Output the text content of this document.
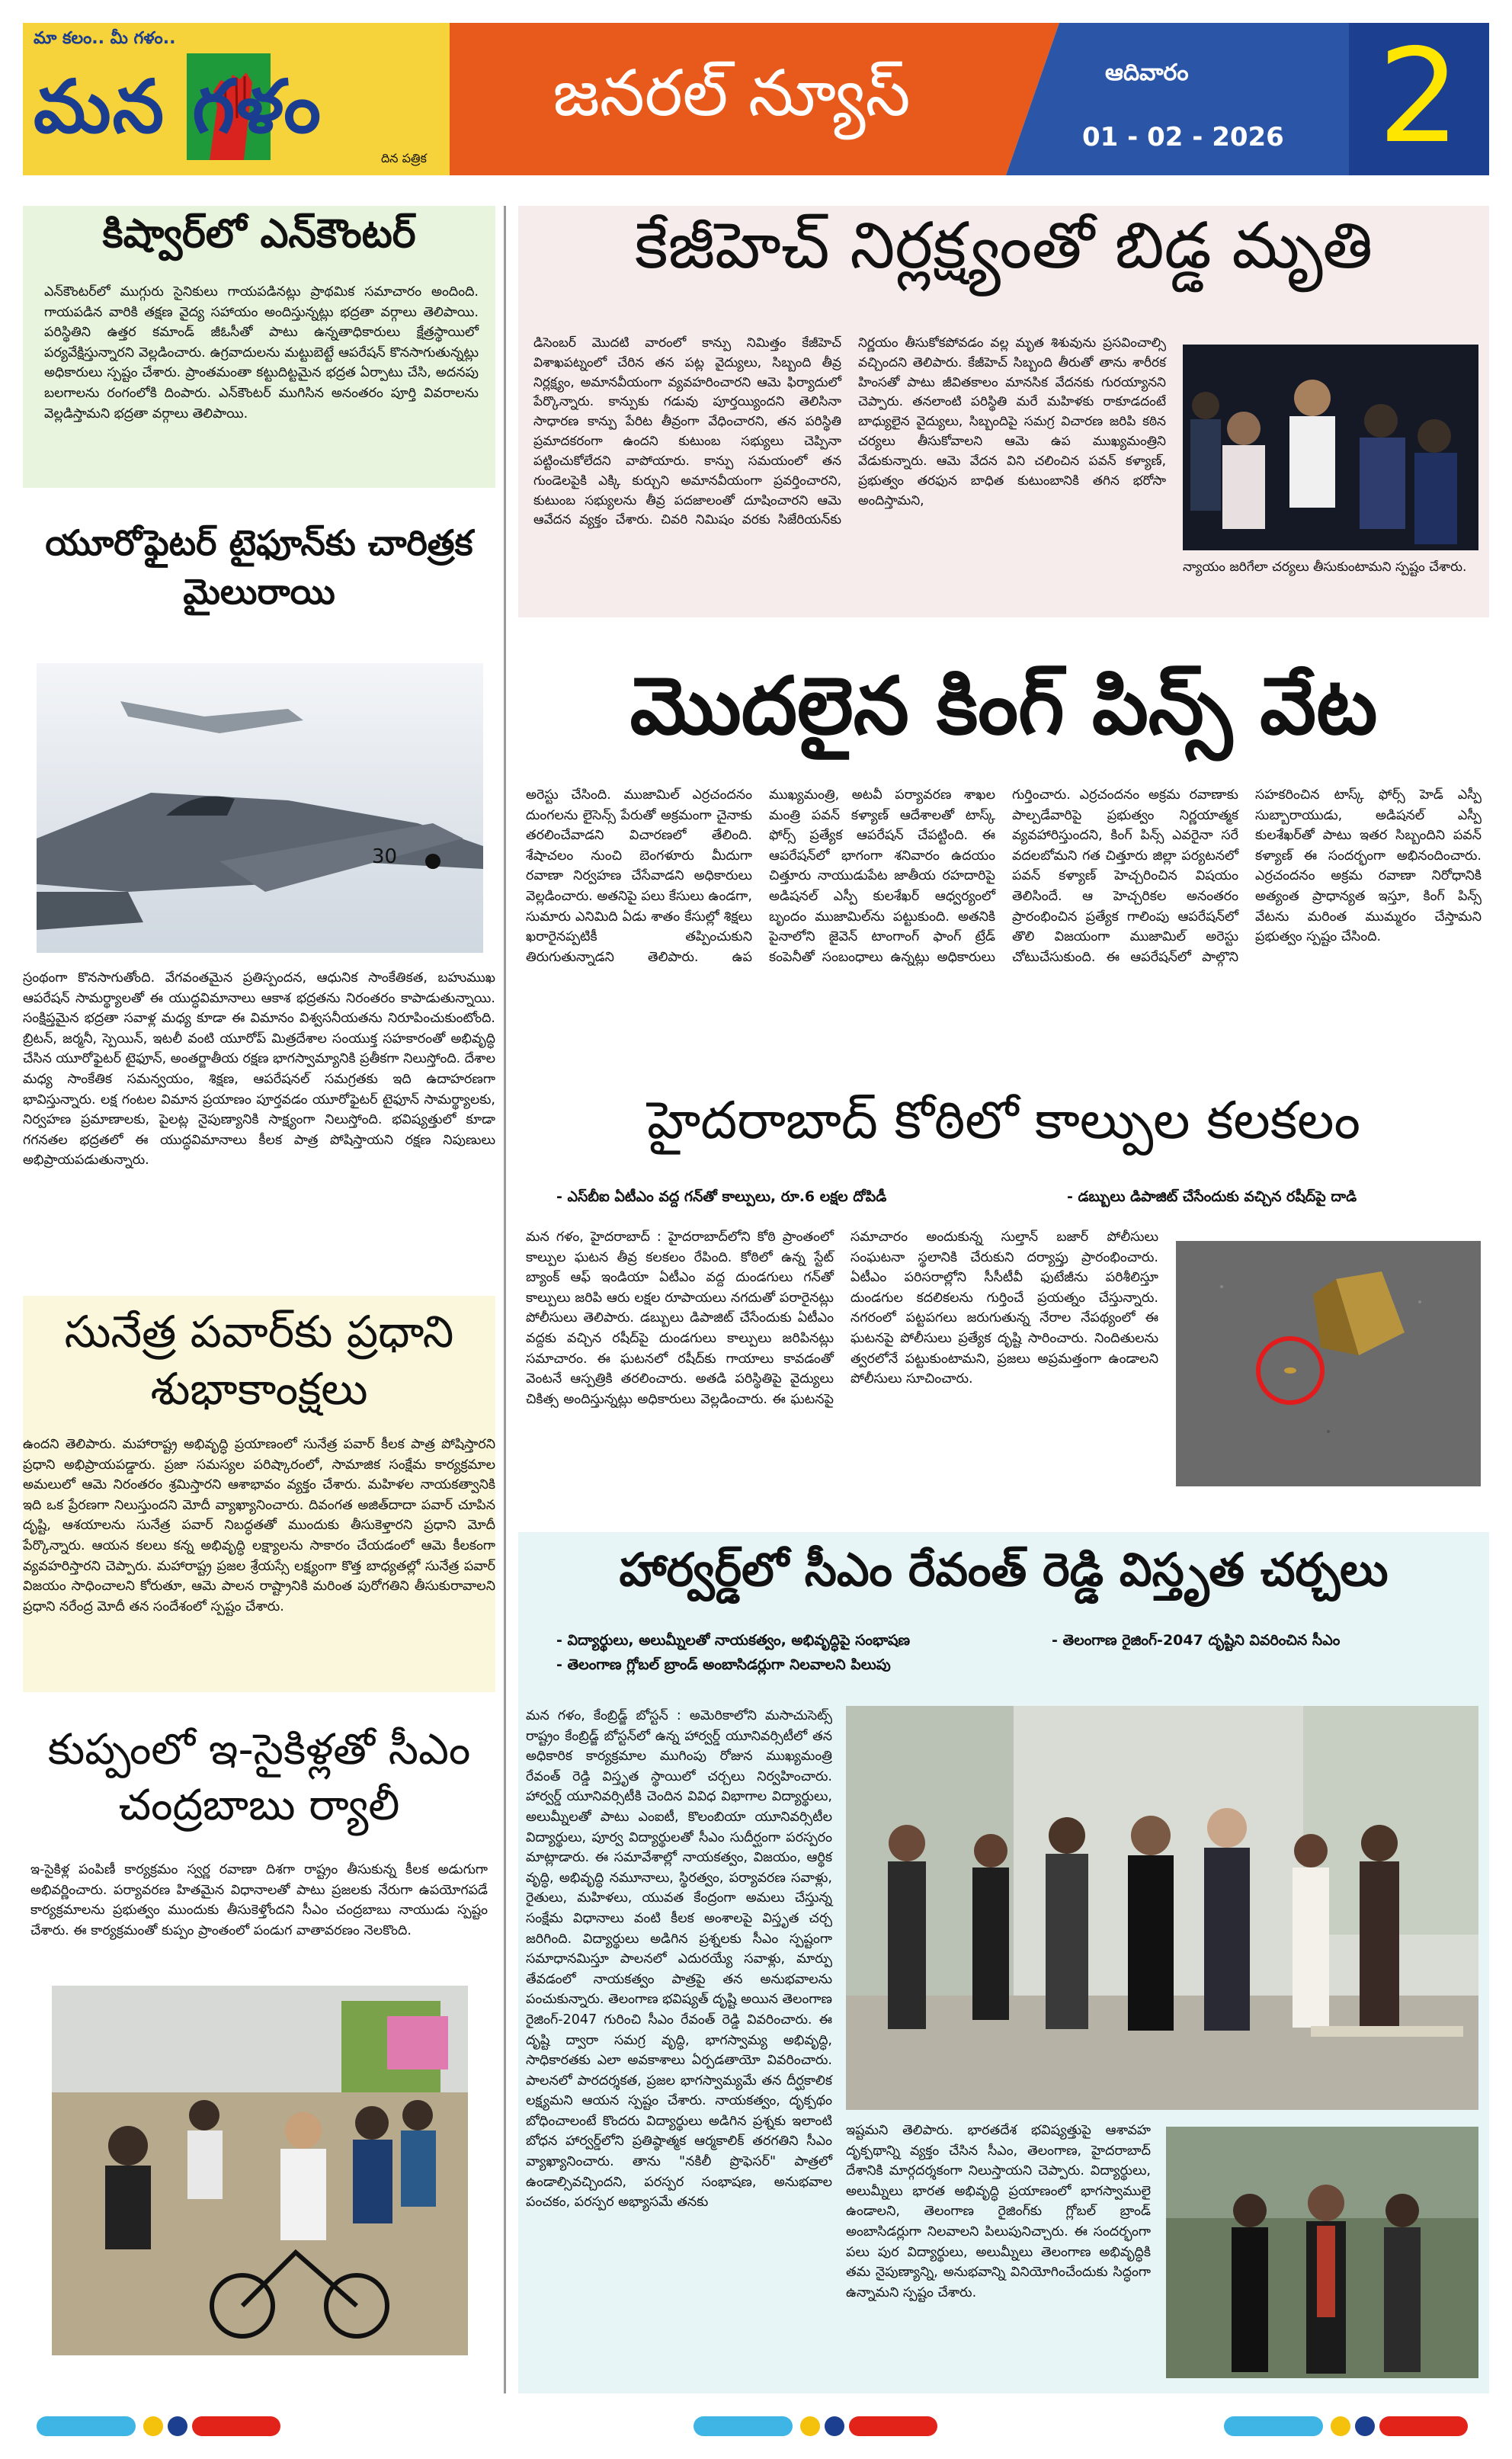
మా కలం.. మీ గళం..
మన గళం
దిన పత్రిక
జనరల్ న్యూస్	ఆదివారం
01 - 02 - 2026 2
కిష్వార్‌లో ఎన్‌కౌంటర్
ఎన్‌కౌంటర్‌లో ముగ్గురు సైనికులు గాయపడినట్లు ప్రాథమిక సమాచారం అందింది. గాయపడిన వారికి తక్షణ వైద్య సహాయం అందిస్తున్నట్లు భద్రతా వర్గాలు తెలిపాయి. పరిస్థితిని ఉత్తర కమాండ్ జీఓసీతో పాటు ఉన్నతాధికారులు క్షేత్రస్థాయిలో పర్యవేక్షిస్తున్నారని వెల్లడించారు. ఉగ్రవాదులను మట్టుబెట్టే ఆపరేషన్ కొనసాగుతున్నట్లు అధికారులు స్పష్టం చేశారు. ప్రాంతమంతా కట్టుదిట్టమైన భద్రత ఏర్పాటు చేసి, అదనపు బలగాలను రంగంలోకి దింపారు. ఎన్‌కౌంటర్ ముగిసిన అనంతరం పూర్తి వివరాలను వెల్లడిస్తామని భద్రతా వర్గాలు తెలిపాయి.
యూరోఫైటర్ టైఫూన్‌కు చారిత్రక మైలురాయి
30
స్రంథంగా కొనసాగుతోంది. వేగవంతమైన ప్రతిస్పందన, ఆధునిక సాంకేతికత, బహుముఖ ఆపరేషన్ సామర్థ్యాలతో ఈ యుద్ధవిమానాలు ఆకాశ భద్రతను నిరంతరం కాపాడుతున్నాయి. సంక్షిప్తమైన భద్రతా సవాళ్ల మధ్య కూడా ఈ విమానం విశ్వసనీయతను నిరూపించుకుంటోంది. బ్రిటన్, జర్మనీ, స్పెయిన్, ఇటలీ వంటి యూరోప్ మిత్రదేశాల సంయుక్త సహకారంతో అభివృద్ధి చేసిన యూరోఫైటర్ టైఫూన్, అంతర్జాతీయ రక్షణ భాగస్వామ్యానికి ప్రతీకగా నిలుస్తోంది. దేశాల మధ్య సాంకేతిక సమన్వయం, శిక్షణ, ఆపరేషనల్ సమగ్రతకు ఇది ఉదాహరణగా భావిస్తున్నారు. లక్ష గంటల విమాన ప్రయాణం పూర్తవడం యూరోఫైటర్ టైఫూన్ సామర్థ్యాలకు, నిర్వహణ ప్రమాణాలకు, పైలట్ల నైపుణ్యానికి సాక్ష్యంగా నిలుస్తోంది. భవిష్యత్తులో కూడా గగనతల భద్రతలో ఈ యుద్ధవిమానాలు కీలక పాత్ర పోషిస్తాయని రక్షణ నిపుణులు అభిప్రాయపడుతున్నారు.
సునేత్ర పవార్‌కు ప్రధాని శుభాకాంక్షలు
ఉందని తెలిపారు. మహారాష్ట్ర అభివృద్ధి ప్రయాణంలో సునేత్ర పవార్ కీలక పాత్ర పోషిస్తారని ప్రధాని అభిప్రాయపడ్డారు. ప్రజా సమస్యల పరిష్కారంలో, సామాజిక సంక్షేమ కార్యక్రమాల అమలులో ఆమె నిరంతరం శ్రమిస్తారని ఆశాభావం వ్యక్తం చేశారు. మహిళల నాయకత్వానికి ఇది ఒక ప్రేరణగా నిలుస్తుందని మోదీ వ్యాఖ్యానించారు. దివంగత అజిత్‌దాదా పవార్ చూపిన దృష్టి, ఆశయాలను సునేత్ర పవార్ నిబద్ధతతో ముందుకు తీసుకెళ్తారని ప్రధాని మోదీ పేర్కొన్నారు. ఆయన కలలు కన్న అభివృద్ధి లక్ష్యాలను సాకారం చేయడంలో ఆమె కీలకంగా వ్యవహరిస్తారని చెప్పారు. మహారాష్ట్ర ప్రజల శ్రేయస్సే లక్ష్యంగా కొత్త బాధ్యతల్లో సునేత్ర పవార్ విజయం సాధించాలని కోరుతూ, ఆమె పాలన రాష్ట్రానికి మరింత పురోగతిని తీసుకురావాలని ప్రధాని నరేంద్ర మోదీ తన సందేశంలో స్పష్టం చేశారు.
కుప్పంలో ఇ-సైకిళ్లతో సీఎం చంద్రబాబు ర్యాలీ
ఇ-సైకిళ్ల పంపిణీ కార్యక్రమం స్వర్ణ రవాణా దిశగా రాష్ట్రం తీసుకున్న కీలక అడుగుగా అభివర్ణించారు. పర్యావరణ హితమైన విధానాలతో పాటు ప్రజలకు నేరుగా ఉపయోగపడే కార్యక్రమాలను ప్రభుత్వం ముందుకు తీసుకెళ్తోందని సీఎం చంద్రబాబు నాయుడు స్పష్టం చేశారు. ఈ కార్యక్రమంతో కుప్పం ప్రాంతంలో పండుగ వాతావరణం నెలకొంది.
కేజీహెచ్ నిర్లక్ష్యంతో బిడ్డ మృతి
డిసెంబర్ మొదటి వారంలో కాన్పు నిమిత్తం కేజీహెచ్ విశాఖపట్నంలో చేరిన తన పట్ల వైద్యులు, సిబ్బంది తీవ్ర నిర్లక్ష్యం, అమానవీయంగా వ్యవహరించారని ఆమె ఫిర్యాదులో పేర్కొన్నారు. కాన్పుకు గడువు పూర్తయ్యిందని తెలిసినా సాధారణ కాన్పు పేరిట తీవ్రంగా వేధించారని, తన పరిస్థితి ప్రమాదకరంగా ఉందని కుటుంబ సభ్యులు చెప్పినా పట్టించుకోలేదని వాపోయారు. కాన్పు సమయంలో తన గుండెలపైకి ఎక్కి కుర్చుని అమానవీయంగా ప్రవర్తించారని, కుటుంబ సభ్యులను తీవ్ర పదజాలంతో దూషించారని ఆమె ఆవేదన వ్యక్తం చేశారు. చివరి నిమిషం వరకు సిజేరియన్‌కు నిర్ణయం తీసుకోకపోవడం వల్ల మృత శిశువును ప్రసవించాల్సి వచ్చిందని తెలిపారు. కేజీహెచ్ సిబ్బంది తీరుతో తాను శారీరక హింసతో పాటు జీవితకాలం మానసిక వేదనకు గురయ్యానని చెప్పారు. తనలాంటి పరిస్థితి మరే మహిళకు రాకూడదంటే బాధ్యులైన వైద్యులు, సిబ్బందిపై సమగ్ర విచారణ జరిపి కఠిన చర్యలు తీసుకోవాలని ఆమె ఉప ముఖ్యమంత్రిని వేడుకున్నారు. ఆమె వేదన విని చలించిన పవన్ కళ్యాణ్, ప్రభుత్వం తరఫున బాధిత కుటుంబానికి తగిన భరోసా అందిస్తామని,
న్యాయం జరిగేలా చర్యలు తీసుకుంటామని స్పష్టం చేశారు.
మొదలైన కింగ్ పిన్స్ వేట
అరెస్టు చేసింది. ముజామిల్ ఎర్రచందనం దుంగలను లైసెన్స్ పేరుతో అక్రమంగా చైనాకు తరలించేవాడని విచారణలో తేలింది. శేషాచలం నుంచి బెంగళూరు మీదుగా రవాణా నిర్వహణ చేసేవాడని అధికారులు వెల్లడించారు. అతనిపై పలు కేసులు ఉండగా, సుమారు ఎనిమిది ఏడు శాతం కేసుల్లో శిక్షలు ఖరారైనప్పటికీ తప్పించుకుని తిరుగుతున్నాడని తెలిపారు. ఉప ముఖ్యమంత్రి, అటవీ పర్యావరణ శాఖల మంత్రి పవన్ కళ్యాణ్ ఆదేశాలతో టాస్క్ ఫోర్స్ ప్రత్యేక ఆపరేషన్ చేపట్టింది. ఈ ఆపరేషన్‌లో భాగంగా శనివారం ఉదయం చిత్తూరు నాయుడుపేట జాతీయ రహదారిపై అడిషనల్ ఎస్పీ కులశేఖర్ ఆధ్వర్యంలో బృందం ముజామిల్‌ను పట్టుకుంది. అతనికి పైనాలోని జైవెన్ టాంగాంగ్ ఫాంగ్ ట్రేడ్ కంపెనీతో సంబంధాలు ఉన్నట్లు అధికారులు గుర్తించారు. ఎర్రచందనం అక్రమ రవాణాకు పాల్పడేవారిపై ప్రభుత్వం నిర్ణయాత్మక వ్యవహారిస్తుందని, కింగ్ పిన్స్ ఎవరైనా సరే వదలబోమని గత చిత్తూరు జిల్లా పర్యటనలో పవన్ కళ్యాణ్ హెచ్చరించిన విషయం తెలిసిందే. ఆ హెచ్చరికల అనంతరం ప్రారంభించిన ప్రత్యేక గాలింపు ఆపరేషన్‌లో తొలి విజయంగా ముజామిల్ అరెస్టు చోటుచేసుకుంది. ఈ ఆపరేషన్‌లో పాల్గొని సహకరించిన టాస్క్ ఫోర్స్ హెడ్ ఎస్పీ సుబ్బారాయుడు, అడిషనల్ ఎస్పీ కులశేఖర్‌తో పాటు ఇతర సిబ్బందిని పవన్ కళ్యాణ్ ఈ సందర్భంగా అభినందించారు. ఎర్రచందనం అక్రమ రవాణా నిరోధానికి అత్యంత ప్రాధాన్యత ఇస్తూ, కింగ్ పిన్స్ వేటను మరింత ముమ్మరం చేస్తామని ప్రభుత్వం స్పష్టం చేసింది.
హైదరాబాద్ కోఠిలో కాల్పుల కలకలం
- ఎస్‌బీఐ ఏటీఎం వద్ద గన్‌తో కాల్పులు, రూ.6 లక్షల దోపిడీ	- డబ్బులు డిపాజిట్ చేసేందుకు వచ్చిన రషీద్‌పై దాడి
మన గళం, హైదరాబాద్ : హైదరాబాద్‌లోని కోఠి ప్రాంతంలో కాల్పుల ఘటన తీవ్ర కలకలం రేపింది. కోఠిలో ఉన్న స్టేట్ బ్యాంక్ ఆఫ్ ఇండియా ఏటీఎం వద్ద దుండగులు గన్‌తో కాల్పులు జరిపి ఆరు లక్షల రూపాయలు నగదుతో పరారైనట్లు పోలీసులు తెలిపారు. డబ్బులు డిపాజిట్ చేసేందుకు ఏటీఎం వద్దకు వచ్చిన రషీద్‌పై దుండగులు కాల్పులు జరిపినట్లు సమాచారం. ఈ ఘటనలో రషీద్‌కు గాయాలు కావడంతో వెంటనే ఆస్పత్రికి తరలించారు. అతడి పరిస్థితిపై వైద్యులు చికిత్స అందిస్తున్నట్లు అధికారులు వెల్లడించారు. ఈ ఘటనపై సమాచారం అందుకున్న సుల్తాన్ బజార్ పోలీసులు సంఘటనా స్థలానికి చేరుకుని దర్యాప్తు ప్రారంభించారు. ఏటీఎం పరిసరాల్లోని సీసీటీవీ ఫుటేజీను పరిశీలిస్తూ దుండగుల కదలికలను గుర్తించే ప్రయత్నం చేస్తున్నారు. నగరంలో పట్టపగలు జరుగుతున్న నేరాల నేపథ్యంలో ఈ ఘటనపై పోలీసులు ప్రత్యేక దృష్టి సారించారు. నిందితులను త్వరలోనే పట్టుకుంటామని, ప్రజలు అప్రమత్తంగా ఉండాలని పోలీసులు సూచించారు.
హార్వర్డ్‌లో సీఎం రేవంత్ రెడ్డి విస్తృత చర్చలు
- విద్యార్థులు, అలుమ్నీలతో నాయకత్వం, అభివృద్ధిపై సంభాషణ	- తెలంగాణ రైజింగ్-2047 దృష్టిని వివరించిన సీఎం
- తెలంగాణ గ్లోబల్ బ్రాండ్ అంబాసిడర్లుగా నిలవాలని పిలుపు
మన గళం, కేంబ్రిడ్జ్ బోస్టన్ : అమెరికాలోని మసాచుసెట్స్ రాష్ట్రం కేంబ్రిడ్జ్ బోస్టన్‌లో ఉన్న హార్వర్డ్ యూనివర్సిటీలో తన అధికారిక కార్యక్రమాల ముగింపు రోజున ముఖ్యమంత్రి రేవంత్ రెడ్డి విస్తృత స్థాయిలో చర్చలు నిర్వహించారు. హార్వర్డ్ యూనివర్సిటీకి చెందిన వివిధ విభాగాల విద్యార్థులు, అలుమ్నీలతో పాటు ఎంఐటీ, కొలంబియా యూనివర్సిటీల విద్యార్థులు, పూర్వ విద్యార్థులతో సీఎం సుదీర్ఘంగా పరస్పరం మాట్లాడారు. ఈ సమావేశాల్లో నాయకత్వం, విజయం, ఆర్థిక వృద్ధి, అభివృద్ధి నమూనాలు, స్థిరత్వం, పర్యావరణ సవాళ్లు, రైతులు, మహిళలు, యువత కేంద్రంగా అమలు చేస్తున్న సంక్షేమ విధానాలు వంటి కీలక అంశాలపై విస్తృత చర్చ జరిగింది. విద్యార్థులు అడిగిన ప్రశ్నలకు సీఎం స్పష్టంగా సమాధానమిస్తూ పాలనలో ఎదురయ్యే సవాళ్లు, మార్పు తేవడంలో నాయకత్వం పాత్రపై తన అనుభవాలను పంచుకున్నారు. తెలంగాణ భవిష్యత్ దృష్టి అయిన తెలంగాణ రైజింగ్-2047 గురించి సీఎం రేవంత్ రెడ్డి వివరించారు. ఈ దృష్టి ద్వారా సమగ్ర వృద్ధి, భాగస్వామ్య అభివృద్ధి, సాధికారతకు ఎలా అవకాశాలు ఏర్పడతాయో వివరించారు. పాలనలో పారదర్శకత, ప్రజల భాగస్వామ్యమే తన దీర్ఘకాలిక లక్ష్యమని ఆయన స్పష్టం చేశారు. నాయకత్వం, దృక్పథం బోధించాలంటే కొందరు విద్యార్థులు అడిగిన ప్రశ్నకు ఇలాంటి బోధన హార్వర్డ్‌లోని ప్రతిష్ఠాత్మక ఆర్మకాలిక్ తరగతిని సీఎం వ్యాఖ్యానించారు. తాను "నకిలీ ప్రొఫెసర్" పాత్రలో ఉండాల్సివచ్చిందని, పరస్పర సంభాషణ, అనుభవాల పంచకం, పరస్పర అభ్యాసమే తనకు
ఇష్టమని తెలిపారు. భారతదేశ భవిష్యత్తుపై ఆశావహ దృక్పథాన్ని వ్యక్తం చేసిన సీఎం, తెలంగాణ, హైదరాబాద్ దేశానికి మార్గదర్శకంగా నిలుస్తాయని చెప్పారు. విద్యార్థులు, అలుమ్నీలు భారత అభివృద్ధి ప్రయాణంలో భాగస్వాములై ఉండాలని, తెలంగాణ రైజింగ్‌కు గ్లోబల్ బ్రాండ్ అంబాసిడర్లుగా నిలవాలని పిలుపునిచ్చారు. ఈ సందర్భంగా పలు పుర విద్యార్థులు, అలుమ్నీలు తెలంగాణ అభివృద్ధికి తమ నైపుణ్యాన్ని, అనుభవాన్ని వినియోగించేందుకు సిద్ధంగా ఉన్నామని స్పష్టం చేశారు.
